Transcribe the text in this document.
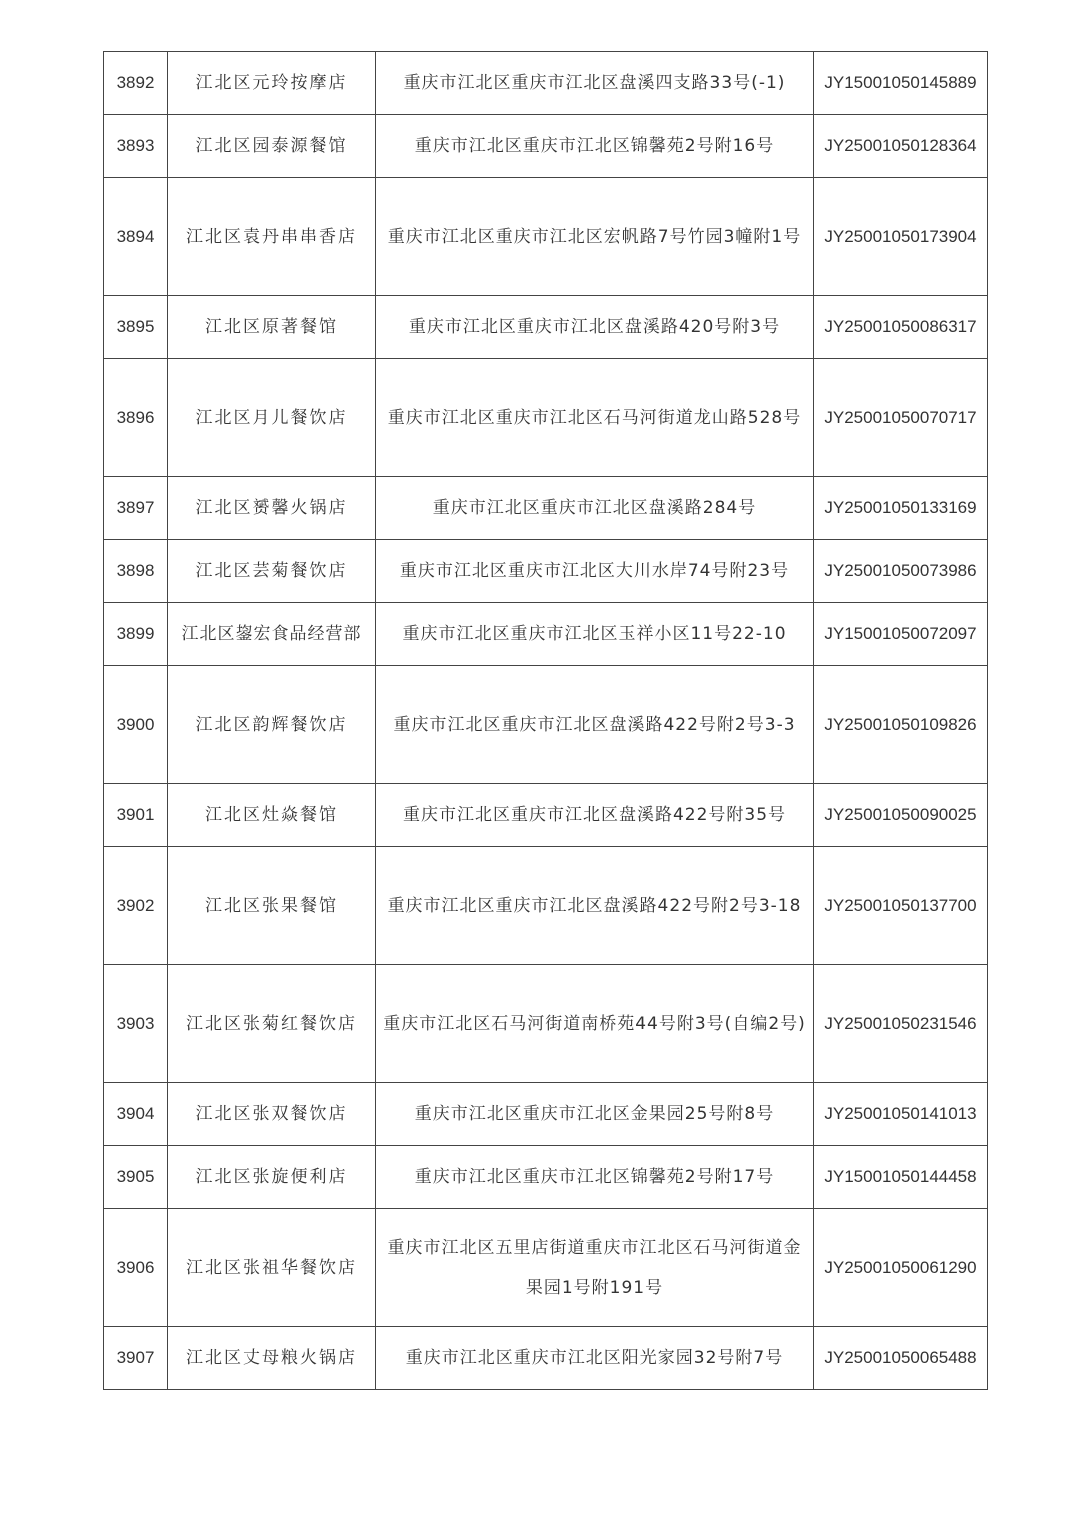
3892	江北区元玲按摩店	重庆市江北区重庆市江北区盘溪四支路33号(-1)	JY15001050145889
3893	江北区园泰源餐馆	重庆市江北区重庆市江北区锦馨苑2号附16号	JY25001050128364
3894	江北区袁丹串串香店	重庆市江北区重庆市江北区宏帆路7号竹园3幢附1号	JY25001050173904
3895	江北区原著餐馆	重庆市江北区重庆市江北区盘溪路420号附3号	JY25001050086317
3896	江北区月儿餐饮店	重庆市江北区重庆市江北区石马河街道龙山路528号	JY25001050070717
3897	江北区赟馨火锅店	重庆市江北区重庆市江北区盘溪路284号	JY25001050133169
3898	江北区芸菊餐饮店	重庆市江北区重庆市江北区大川水岸74号附23号	JY25001050073986
3899	江北区鋆宏食品经营部	重庆市江北区重庆市江北区玉祥小区11号22-10	JY15001050072097
3900	江北区韵辉餐饮店	重庆市江北区重庆市江北区盘溪路422号附2号3-3	JY25001050109826
3901	江北区灶焱餐馆	重庆市江北区重庆市江北区盘溪路422号附35号	JY25001050090025
3902	江北区张果餐馆	重庆市江北区重庆市江北区盘溪路422号附2号3-18	JY25001050137700
3903	江北区张菊红餐饮店	重庆市江北区石马河街道南桥苑44号附3号(自编2号)	JY25001050231546
3904	江北区张双餐饮店	重庆市江北区重庆市江北区金果园25号附8号	JY25001050141013
3905	江北区张旋便利店	重庆市江北区重庆市江北区锦馨苑2号附17号	JY15001050144458
3906	江北区张祖华餐饮店	重庆市江北区五里店街道重庆市江北区石马河街道金果园1号附191号	JY25001050061290
3907	江北区丈母粮火锅店	重庆市江北区重庆市江北区阳光家园32号附7号	JY25001050065488
